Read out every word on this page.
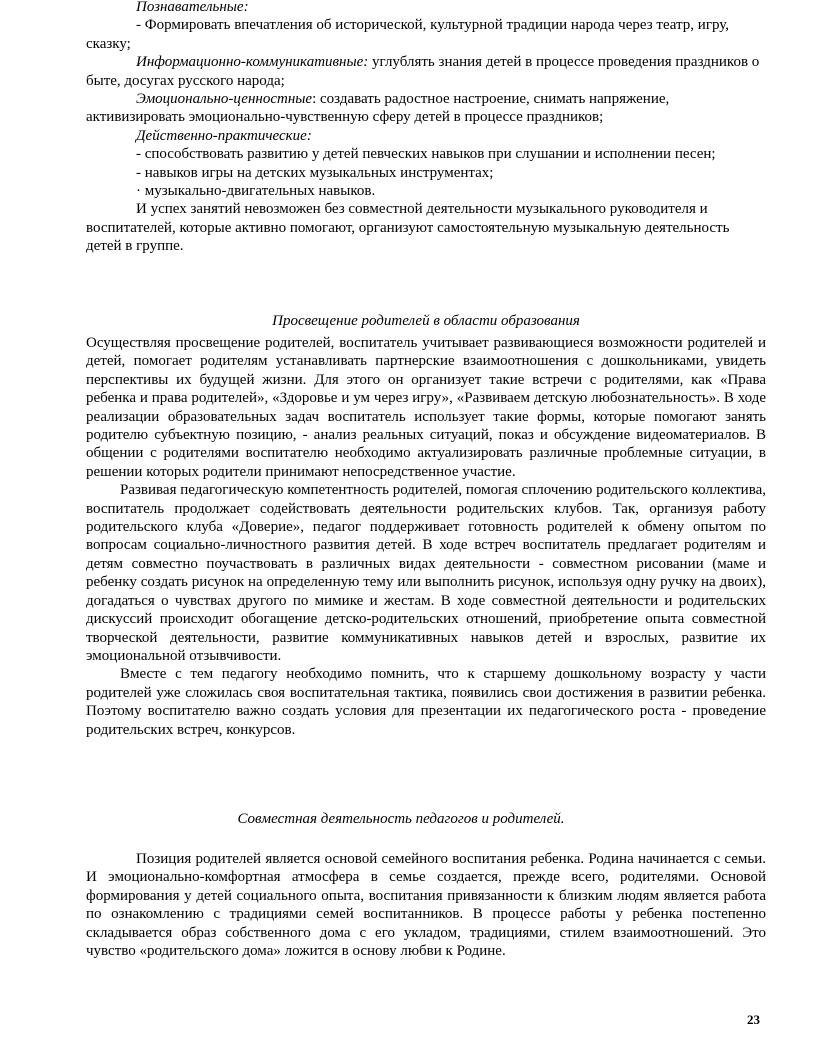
Познавательные:

- Формировать впечатления об исторической, культурной традиции народа через театр, игру, сказку;

Информационно-коммуникативные: углублять знания детей в процессе проведения праздников о быте, досугах русского народа;

Эмоционально-ценностные: создавать радостное настроение, снимать напряжение, активизировать эмоционально-чувственную сферу детей в процессе праздников;

Действенно-практические:

- способствовать развитию у детей певческих навыков при слушании и исполнении песен;

- навыков игры на детских музыкальных инструментах;

· музыкально-двигательных навыков.

И успех занятий невозможен без совместной деятельности музыкального руководителя и воспитателей, которые активно помогают, организуют самостоятельную музыкальную деятельность детей в группе.

Просвещение родителей в области образования

Осуществляя просвещение родителей, воспитатель учитывает развивающиеся возможности родителей и детей, помогает родителям устанавливать партнерские взаимоотношения с дошкольниками, увидеть перспективы их будущей жизни. Для этого он организует такие встречи с родителями, как «Права ребенка и права родителей», «Здоровье и ум через игру», «Развиваем детскую любознательность». В ходе реализации образовательных задач воспитатель использует такие формы, которые помогают занять родителю субъектную позицию, - анализ реальных ситуаций, показ и обсуждение видеоматериалов. В общении с родителями воспитателю необходимо актуализировать различные проблемные ситуации, в решении которых родители принимают непосредственное участие.

Развивая педагогическую компетентность родителей, помогая сплочению родительского коллектива, воспитатель продолжает содействовать деятельности родительских клубов. Так, организуя работу родительского клуба «Доверие», педагог поддерживает готовность родителей к обмену опытом по вопросам социально-личностного развития детей. В ходе встреч воспитатель предлагает родителям и детям совместно поучаствовать в различных видах деятельности - совместном рисовании (маме и ребенку создать рисунок на определенную тему или выполнить рисунок, используя одну ручку на двоих), догадаться о чувствах другого по мимике и жестам. В ходе совместной деятельности и родительских дискуссий происходит обогащение детско-родительских отношений, приобретение опыта совместной творческой деятельности, развитие коммуникативных навыков детей и взрослых, развитие их эмоциональной отзывчивости.

Вместе с тем педагогу необходимо помнить, что к старшему дошкольному возрасту у части родителей уже сложилась своя воспитательная тактика, появились свои достижения в развитии ребенка. Поэтому воспитателю важно создать условия для презентации их педагогического роста - проведение родительских встреч, конкурсов.

Совместная деятельность педагогов и родителей.

Позиция родителей является основой семейного воспитания ребенка. Родина начинается с семьи. И эмоционально-комфортная атмосфера в семье создается, прежде всего, родителями. Основой формирования у детей социального опыта, воспитания привязанности к близким людям является работа по ознакомлению с традициями семей воспитанников. В процессе работы у ребенка постепенно складывается образ собственного дома с его укладом, традициями, стилем взаимоотношений. Это чувство «родительского дома» ложится в основу любви к Родине.

23
